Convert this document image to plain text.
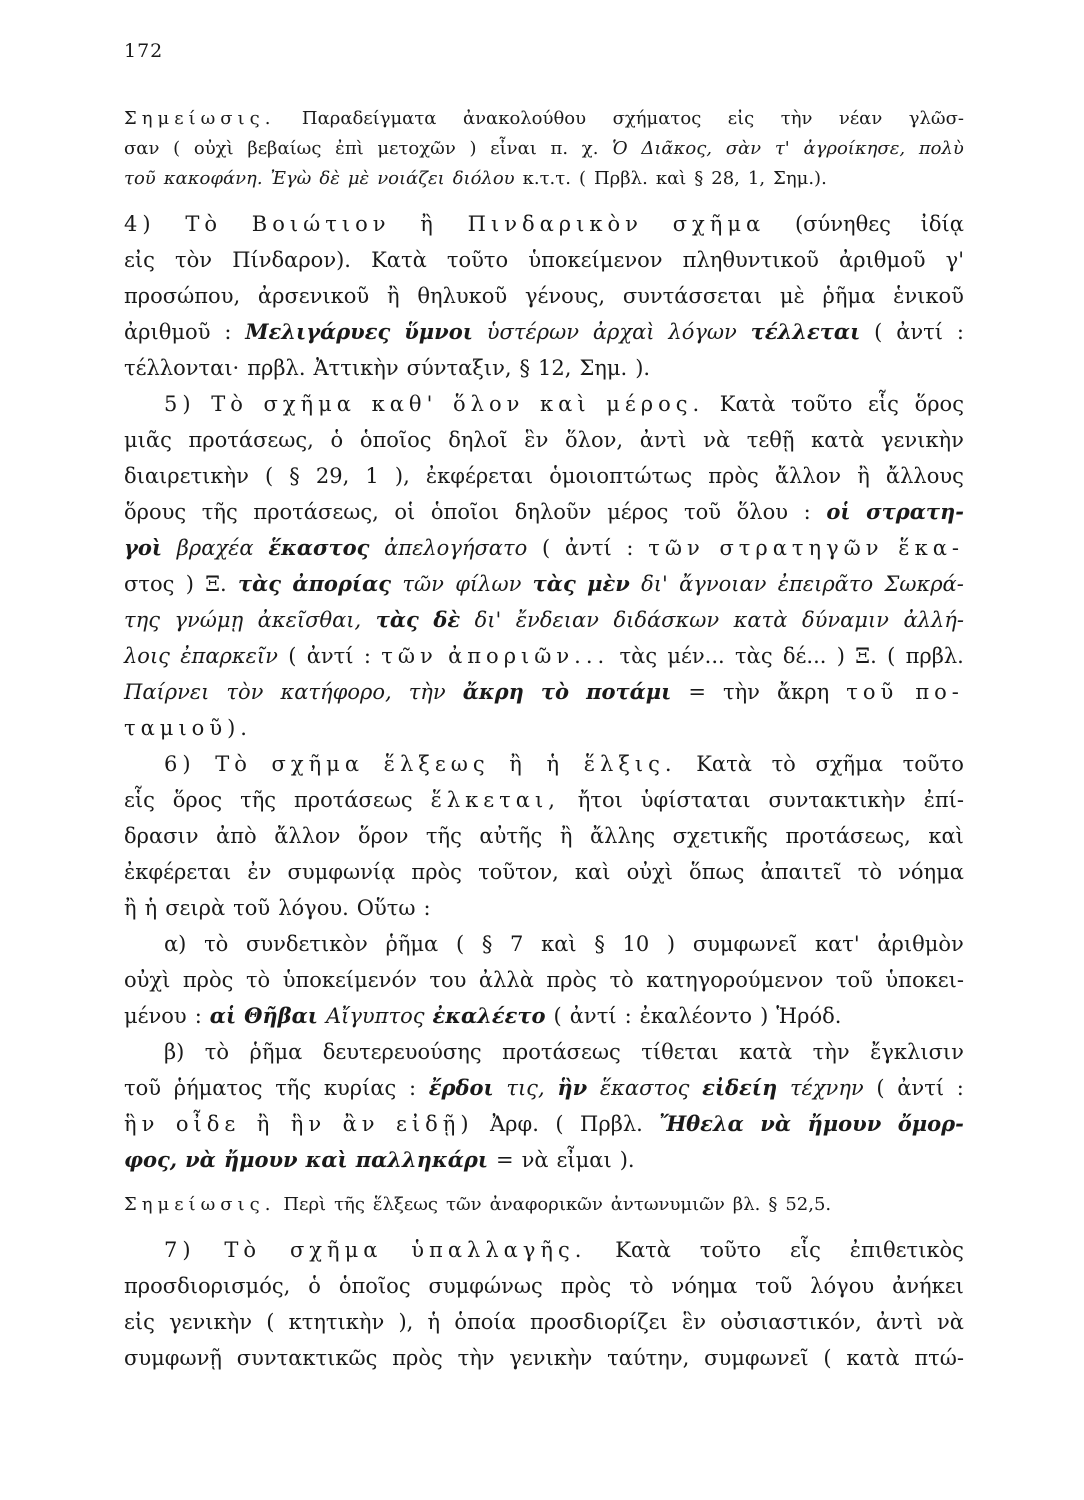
172
Σημείωσις. Παραδείγματα ἀνακολούθου σχήματος εἰς τὴν νέαν γλῶσ-
σαν ( οὐχὶ βεβαίως ἐπὶ μετοχῶν ) εἶναι π. χ. Ὁ Διᾶκος, σὰν τ' ἀγροίκησε, πολὺ
τοῦ κακοφάνη. Ἐγὼ δὲ μὲ νοιάζει διόλου κ.τ.τ. ( Πρβλ. καὶ § 28, 1, Σημ.).
4) Τὸ Βοιώτιον ἢ Πινδαρικὸν σχῆμα (σύνηθες ἰδίᾳ
εἰς τὸν Πίνδαρον). Κατὰ τοῦτο ὑποκείμενον πληθυντικοῦ ἀριθμοῦ γ'
προσώπου, ἀρσενικοῦ ἢ θηλυκοῦ γένους, συντάσσεται μὲ ῥῆμα ἑνικοῦ
ἀριθμοῦ : Μελιγάρυες ὕμνοι ὑστέρων ἀρχαὶ λόγων τέλλεται ( ἀντί :
τέλλονται· πρβλ. Ἀττικὴν σύνταξιν, § 12, Σημ. ).
5) Τὸ σχῆμα καθ' ὅλον καὶ μέρος. Κατὰ τοῦτο εἷς ὅρος
μιᾶς προτάσεως, ὁ ὁποῖος δηλοῖ ἓν ὅλον, ἀντὶ νὰ τεθῇ κατὰ γενικὴν
διαιρετικὴν ( § 29, 1 ), ἐκφέρεται ὁμοιοπτώτως πρὸς ἄλλον ἢ ἄλλους
ὅρους τῆς προτάσεως, οἱ ὁποῖοι δηλοῦν μέρος τοῦ ὅλου : οἱ στρατη-
γοὶ βραχέα ἕκαστος ἀπελογήσατο ( ἀντί : τῶν στρατηγῶν ἕκα-
στος ) Ξ. τὰς ἀπορίας τῶν φίλων τὰς μὲν δι' ἄγνοιαν ἐπειρᾶτο Σωκρά-
της γνώμῃ ἀκεῖσθαι, τὰς δὲ δι' ἔνδειαν διδάσκων κατὰ δύναμιν ἀλλή-
λοις ἐπαρκεῖν ( ἀντί : τῶν ἀποριῶν... τὰς μέν... τὰς δέ... ) Ξ. ( πρβλ.
Παίρνει τὸν κατήφορο, τὴν ἄκρη τὸ ποτάμι = τὴν ἄκρη τοῦ πο-
ταμιοῦ).
6) Τὸ σχῆμα ἕλξεως ἢ ἡ ἕλξις. Κατὰ τὸ σχῆμα τοῦτο
εἷς ὅρος τῆς προτάσεως ἕλκεται, ἤτοι ὑφίσταται συντακτικὴν ἐπί-
δρασιν ἀπὸ ἄλλον ὅρον τῆς αὐτῆς ἢ ἄλλης σχετικῆς προτάσεως, καὶ
ἐκφέρεται ἐν συμφωνίᾳ πρὸς τοῦτον, καὶ οὐχὶ ὅπως ἀπαιτεῖ τὸ νόημα
ἢ ἡ σειρὰ τοῦ λόγου. Οὕτω :
α) τὸ συνδετικὸν ῥῆμα ( § 7 καὶ § 10 ) συμφωνεῖ κατ' ἀριθμὸν
οὐχὶ πρὸς τὸ ὑποκείμενόν του ἀλλὰ πρὸς τὸ κατηγορούμενον τοῦ ὑποκει-
μένου : αἱ Θῆβαι Αἴγυπτος ἐκαλέετο ( ἀντί : ἐκαλέοντο ) Ἡρόδ.
β) τὸ ῥῆμα δευτερευούσης προτάσεως τίθεται κατὰ τὴν ἔγκλισιν
τοῦ ῥήματος τῆς κυρίας : ἔρδοι τις, ἣν ἕκαστος εἰδείη τέχνην ( ἀντί :
ἣν οἶδε ἢ ἣν ἂν εἰδῇ) Ἀρφ. ( Πρβλ. Ἤθελα νὰ ἤμουν ὄμορ-
φος, νὰ ἤμουν καὶ παλληκάρι = νὰ εἶμαι ).
Σημείωσις. Περὶ τῆς ἕλξεως τῶν ἀναφορικῶν ἀντωνυμιῶν βλ. § 52,5.
7) Τὸ σχῆμα ὑπαλλαγῆς. Κατὰ τοῦτο εἷς ἐπιθετικὸς
προσδιορισμός, ὁ ὁποῖος συμφώνως πρὸς τὸ νόημα τοῦ λόγου ἀνήκει
εἰς γενικὴν ( κτητικὴν ), ἡ ὁποία προσδιορίζει ἓν οὐσιαστικόν, ἀντὶ νὰ
συμφωνῇ συντακτικῶς πρὸς τὴν γενικὴν ταύτην, συμφωνεῖ ( κατὰ πτώ-
